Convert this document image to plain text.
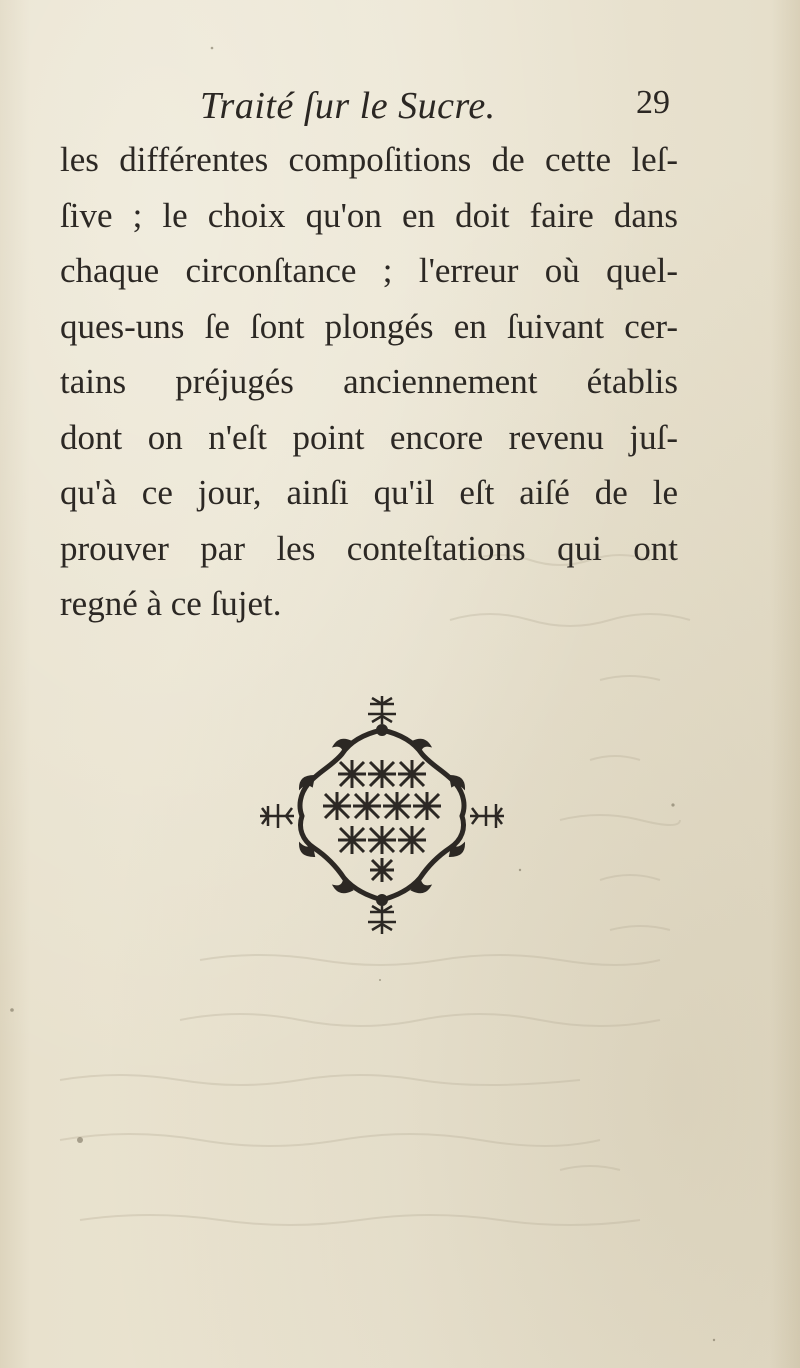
Traité ſur le Sucre.	29
les différentes compoſitions de cette leſ-
ſive ; le choix qu'on en doit faire dans
chaque circonſtance ; l'erreur où quel-
ques-uns ſe ſont plongés en ſuivant cer-
tains préjugés anciennement établis
dont on n'eſt point encore revenu juſ-
qu'à ce jour, ainſi qu'il eſt aiſé de le
prouver par les conteſtations qui ont
regné à ce ſujet.
